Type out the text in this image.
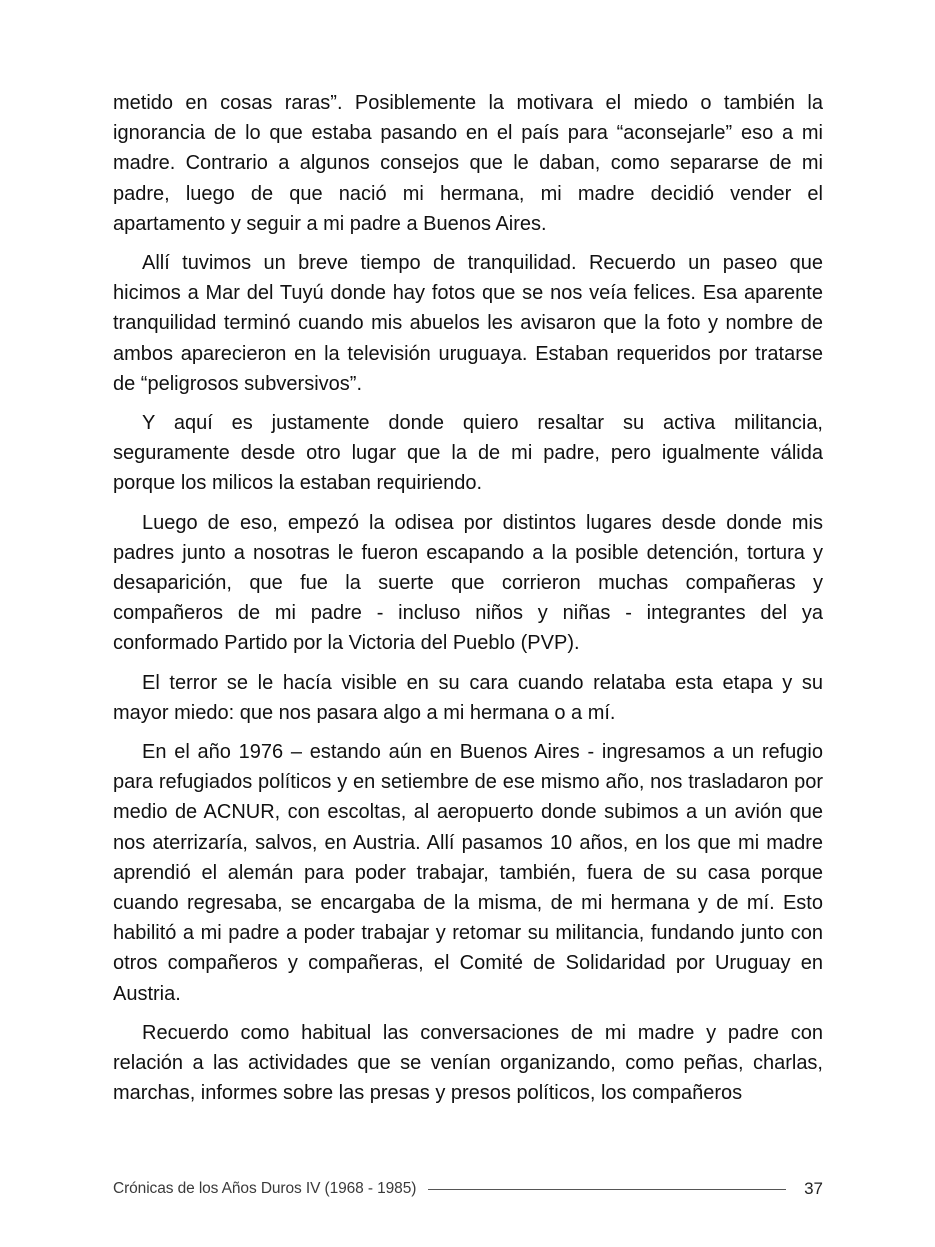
metido en cosas raras”. Posiblemente la motivara el miedo o también la ignorancia de lo que estaba pasando en el país para “aconsejarle” eso a mi madre. Contrario a algunos consejos que le daban, como separarse de mi padre, luego de que nació mi hermana, mi madre decidió vender el apartamento y seguir a mi padre a Buenos Aires.

Allí tuvimos un breve tiempo de tranquilidad. Recuerdo un paseo que hicimos a Mar del Tuyú donde hay fotos que se nos veía felices. Esa aparente tranquilidad terminó cuando mis abuelos les avisaron que la foto y nombre de ambos aparecieron en la televisión uruguaya. Estaban requeridos por tratarse de “peligrosos subversivos”.

Y aquí es justamente donde quiero resaltar su activa militancia, seguramente desde otro lugar que la de mi padre, pero igualmente válida porque los milicos la estaban requiriendo.

Luego de eso, empezó la odisea por distintos lugares desde donde mis padres junto a nosotras le fueron escapando a la posible detención, tortura y desaparición, que fue la suerte que corrieron muchas compañeras y compañeros de mi padre - incluso niños y niñas - integrantes del ya conformado Partido por la Victoria del Pueblo (PVP).

El terror se le hacía visible en su cara cuando relataba esta etapa y su mayor miedo: que nos pasara algo a mi hermana o a mí.

En el año 1976 – estando aún en Buenos Aires - ingresamos a un refugio para refugiados políticos y en setiembre de ese mismo año, nos trasladaron por medio de ACNUR, con escoltas, al aeropuerto donde subimos a un avión que nos aterrizaría, salvos, en Austria. Allí pasamos 10 años, en los que mi madre aprendió el alemán para poder trabajar, también, fuera de su casa porque cuando regresaba, se encargaba de la misma, de mi hermana y de mí. Esto habilitó a mi padre a poder trabajar y retomar su militancia, fundando junto con otros compañeros y compañeras, el Comité de Solidaridad por Uruguay en Austria.

Recuerdo como habitual las conversaciones de mi madre y padre con relación a las actividades que se venían organizando, como peñas, charlas, marchas, informes sobre las presas y presos políticos, los compañeros

Crónicas de los Años Duros IV (1968 - 1985)	37
